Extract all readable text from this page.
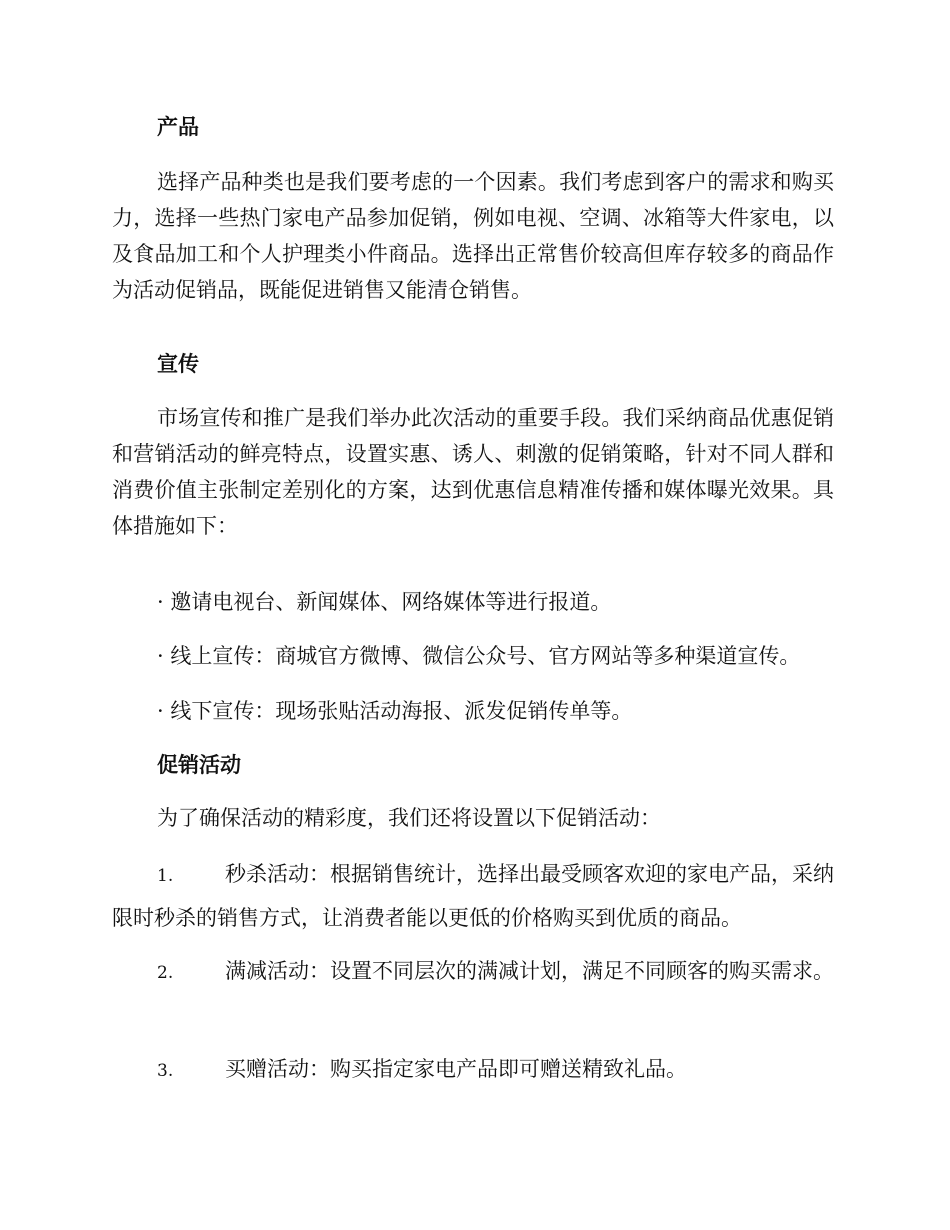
产品
选择产品种类也是我们要考虑的一个因素。我们考虑到客户的需求和购买力，选择一些热门家电产品参加促销，例如电视、空调、冰箱等大件家电，以及食品加工和个人护理类小件商品。选择出正常售价较高但库存较多的商品作为活动促销品，既能促进销售又能清仓销售。
宣传
市场宣传和推广是我们举办此次活动的重要手段。我们采纳商品优惠促销和营销活动的鲜亮特点，设置实惠、诱人、刺激的促销策略，针对不同人群和消费价值主张制定差别化的方案，达到优惠信息精准传播和媒体曝光效果。具体措施如下：
· 邀请电视台、新闻媒体、网络媒体等进行报道。
· 线上宣传：商城官方微博、微信公众号、官方网站等多种渠道宣传。
· 线下宣传：现场张贴活动海报、派发促销传单等。
促销活动
为了确保活动的精彩度，我们还将设置以下促销活动：
1. 秒杀活动：根据销售统计，选择出最受顾客欢迎的家电产品，采纳限时秒杀的销售方式，让消费者能以更低的价格购买到优质的商品。
2. 满减活动：设置不同层次的满减计划，满足不同顾客的购买需求。
3. 买赠活动：购买指定家电产品即可赠送精致礼品。
